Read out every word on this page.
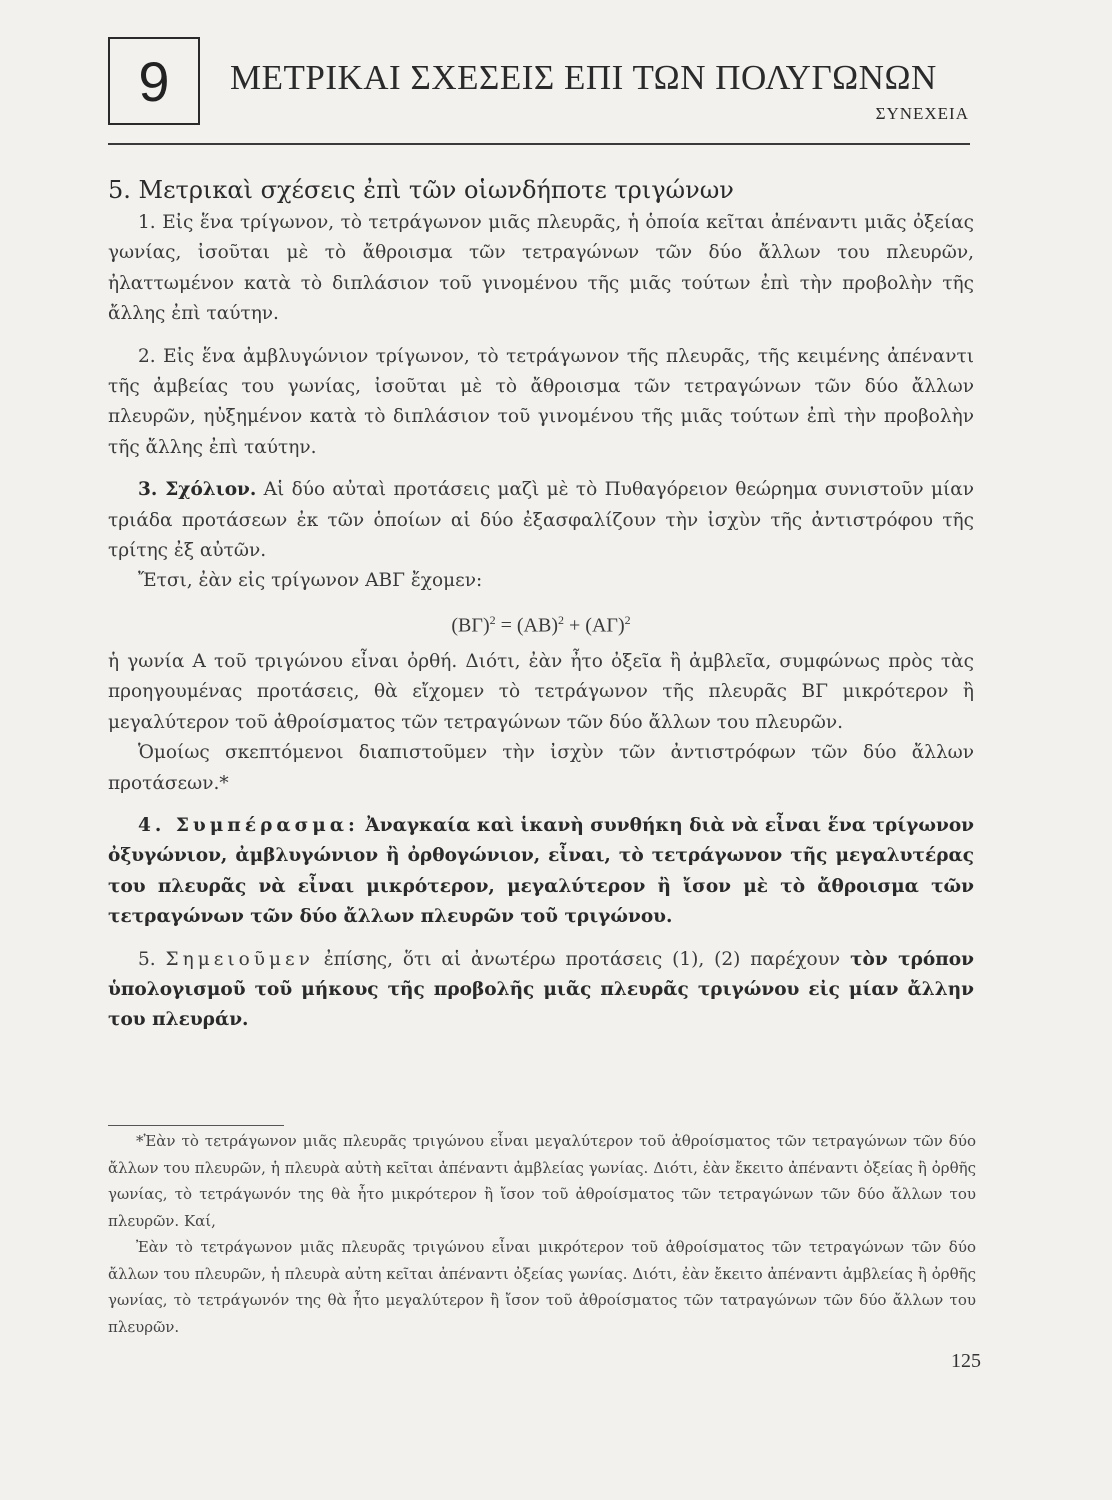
9 ΜΕΤΡΙΚΑΙ ΣΧΕΣΕΙΣ ΕΠΙ ΤΩΝ ΠΟΛΥΓΩΝΩΝ
ΣΥΝΕΧΕΙΑ
5. Μετρικαὶ σχέσεις ἐπὶ τῶν οἱωνδήποτε τριγώνων

1. Εἰς ἕνα τρίγωνον, τὸ τετράγωνον μιᾶς πλευρᾶς, ἡ ὁποία κεῖται ἀπέναντι μιᾶς ὀξείας γωνίας, ἰσοῦται μὲ τὸ ἄθροισμα τῶν τετραγώνων τῶν δύο ἄλλων του πλευρῶν, ἠλαττωμένον κατὰ τὸ διπλάσιον τοῦ γινομένου τῆς μιᾶς τούτων ἐπὶ τὴν προβολὴν τῆς ἄλλης ἐπὶ ταύτην.

2. Εἰς ἕνα ἀμβλυγώνιον τρίγωνον, τὸ τετράγωνον τῆς πλευρᾶς, τῆς κειμένης ἀπέναντι τῆς ἀμβείας του γωνίας, ἰσοῦται μὲ τὸ ἄθροισμα τῶν τετραγώνων τῶν δύο ἄλλων πλευρῶν, ηὐξημένον κατὰ τὸ διπλάσιον τοῦ γινομένου τῆς μιᾶς τούτων ἐπὶ τὴν προβολὴν τῆς ἄλλης ἐπὶ ταύτην.

3. Σχόλιον. Αἱ δύο αὐταὶ προτάσεις μαζὶ μὲ τὸ Πυθαγόρειον θεώρημα συνιστοῦν μίαν τριάδα προτάσεων ἐκ τῶν ὁποίων αἱ δύο ἐξασφαλίζουν τὴν ἰσχὺν τῆς ἀντιστρόφου τῆς τρίτης ἐξ αὐτῶν.

Ἔτσι, ἐὰν εἰς τρίγωνον ΑΒΓ ἔχομεν:

$(B\Gamma)^2 = (AB)^2 + (A\Gamma)^2$

ἡ γωνία Α τοῦ τριγώνου εἶναι ὀρθή. Διότι, ἐὰν ἦτο ὀξεῖα ἢ ἀμβλεῖα, συμφώνως πρὸς τὰς προηγουμένας προτάσεις, θὰ εἴχομεν τὸ τετράγωνον τῆς πλευρᾶς ΒΓ μικρότερον ἢ μεγαλύτερον τοῦ ἀθροίσματος τῶν τετραγώνων τῶν δύο ἄλλων του πλευρῶν.

Ὁμοίως σκεπτόμενοι διαπιστοῦμεν τὴν ἰσχὺν τῶν ἀντιστρόφων τῶν δύο ἄλλων προτάσεων.*

4. Συμπέρασμα: Ἀναγκαία καὶ ἱκανὴ συνθήκη διὰ νὰ εἶναι ἕνα τρίγωνον ὀξυγώνιον, ἀμβλυγώνιον ἢ ὀρθογώνιον, εἶναι, τὸ τετράγωνον τῆς μεγαλυτέρας του πλευρᾶς νὰ εἶναι μικρότερον, μεγαλύτερον ἢ ἴσον μὲ τὸ ἄθροισμα τῶν τετραγώνων τῶν δύο ἄλλων πλευρῶν τοῦ τριγώνου.

5. Σημειοῦμεν ἐπίσης, ὅτι αἱ ἀνωτέρω προτάσεις (1), (2) παρέχουν τὸν τρόπον ὑπολογισμοῦ τοῦ μήκους τῆς προβολῆς μιᾶς πλευρᾶς τριγώνου εἰς μίαν ἄλλην του πλευράν.

*Ἐὰν τὸ τετράγωνον μιᾶς πλευρᾶς τριγώνου εἶναι μεγαλύτερον τοῦ ἀθροίσματος τῶν τετραγώνων τῶν δύο ἄλλων του πλευρῶν, ἡ πλευρὰ αὐτὴ κεῖται ἀπέναντι ἀμβλείας γωνίας. Διότι, ἐὰν ἔκειτο ἀπέναντι ὀξείας ἢ ὀρθῆς γωνίας, τὸ τετράγωνόν της θὰ ἦτο μικρότερον ἢ ἴσον τοῦ ἀθροίσματος τῶν τετραγώνων τῶν δύο ἄλλων του πλευρῶν. Καί,

Ἐὰν τὸ τετράγωνον μιᾶς πλευρᾶς τριγώνου εἶναι μικρότερον τοῦ ἀθροίσματος τῶν τετραγώνων τῶν δύο ἄλλων του πλευρῶν, ἡ πλευρὰ αὐτη κεῖται ἀπέναντι ὀξείας γωνίας. Διότι, ἐὰν ἔκειτο ἀπέναντι ἀμβλείας ἢ ὀρθῆς γωνίας, τὸ τετράγωνόν της θὰ ἦτο μεγαλύτερον ἢ ἴσον τοῦ ἀθροίσματος τῶν τατραγώνων τῶν δύο ἄλλων του πλευρῶν.

125
